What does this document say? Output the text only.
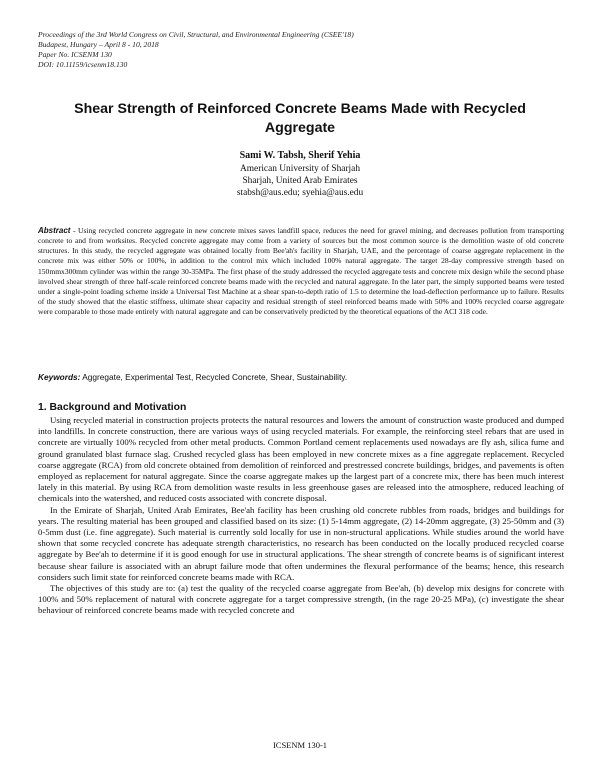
Proceedings of the 3rd World Congress on Civil, Structural, and Environmental Engineering (CSEE'18)
Budapest, Hungary – April 8 - 10, 2018
Paper No. ICSENM 130
DOI: 10.11159/icsenm18.130
Shear Strength of Reinforced Concrete Beams Made with Recycled Aggregate
Sami W. Tabsh, Sherif Yehia
American University of Sharjah
Sharjah, United Arab Emirates
stabsh@aus.edu; syehia@aus.edu
Abstract - Using recycled concrete aggregate in new concrete mixes saves landfill space, reduces the need for gravel mining, and decreases pollution from transporting concrete to and from worksites. Recycled concrete aggregate may come from a variety of sources but the most common source is the demolition waste of old concrete structures. In this study, the recycled aggregate was obtained locally from Bee'ah's facility in Sharjah, UAE, and the percentage of coarse aggregate replacement in the concrete mix was either 50% or 100%, in addition to the control mix which included 100% natural aggregate. The target 28-day compressive strength based on 150mmx300mm cylinder was within the range 30-35MPa. The first phase of the study addressed the recycled aggregate tests and concrete mix design while the second phase involved shear strength of three half-scale reinforced concrete beams made with the recycled and natural aggregate. In the later part, the simply supported beams were tested under a single-point loading scheme inside a Universal Test Machine at a shear span-to-depth ratio of 1.5 to determine the load-deflection performance up to failure. Results of the study showed that the elastic stiffness, ultimate shear capacity and residual strength of steel reinforced beams made with 50% and 100% recycled coarse aggregate were comparable to those made entirely with natural aggregate and can be conservatively predicted by the theoretical equations of the ACI 318 code.
Keywords: Aggregate, Experimental Test, Recycled Concrete, Shear, Sustainability.
1. Background and Motivation

Using recycled material in construction projects protects the natural resources and lowers the amount of construction waste produced and dumped into landfills. In concrete construction, there are various ways of using recycled materials. For example, the reinforcing steel rebars that are used in concrete are virtually 100% recycled from other metal products. Common Portland cement replacements used nowadays are fly ash, silica fume and ground granulated blast furnace slag. Crushed recycled glass has been employed in new concrete mixes as a fine aggregate replacement. Recycled coarse aggregate (RCA) from old concrete obtained from demolition of reinforced and prestressed concrete buildings, bridges, and pavements is often employed as replacement for natural aggregate. Since the coarse aggregate makes up the largest part of a concrete mix, there has been much interest lately in this material. By using RCA from demolition waste results in less greenhouse gases are released into the atmosphere, reduced leaching of chemicals into the watershed, and reduced costs associated with concrete disposal.

In the Emirate of Sharjah, United Arab Emirates, Bee'ah facility has been crushing old concrete rubbles from roads, bridges and buildings for years. The resulting material has been grouped and classified based on its size: (1) 5-14mm aggregate, (2) 14-20mm aggregate, (3) 25-50mm and (3) 0-5mm dust (i.e. fine aggregate). Such material is currently sold locally for use in non-structural applications. While studies around the world have shown that some recycled concrete has adequate strength characteristics, no research has been conducted on the locally produced recycled coarse aggregate by Bee'ah to determine if it is good enough for use in structural applications. The shear strength of concrete beams is of significant interest because shear failure is associated with an abrupt failure mode that often undermines the flexural performance of the beams; hence, this research considers such limit state for reinforced concrete beams made with RCA.

The objectives of this study are to: (a) test the quality of the recycled coarse aggregate from Bee'ah, (b) develop mix designs for concrete with 100% and 50% replacement of natural with concrete aggregate for a target compressive strength, (in the rage 20-25 MPa), (c) investigate the shear behaviour of reinforced concrete beams made with recycled concrete and

ICSENM 130-1
